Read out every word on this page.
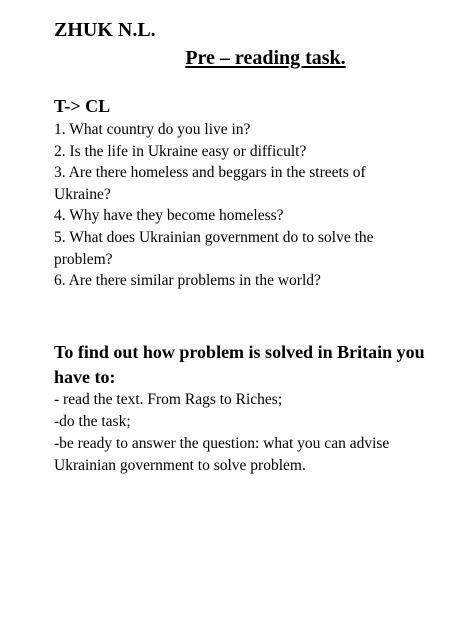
ZHUK N.L.
Pre – reading task.
T-> CL
1. What country do you live in?
2. Is the life in Ukraine easy or difficult?
3. Are there homeless and beggars in the streets of Ukraine?
4. Why have they become homeless?
5. What does Ukrainian government do to solve the problem?
6. Are there similar problems in the world?
To find out how problem is solved in Britain you have to:
- read the text. From Rags to Riches;
-do the task;
-be ready to answer the question: what you can advise Ukrainian government to solve problem.
